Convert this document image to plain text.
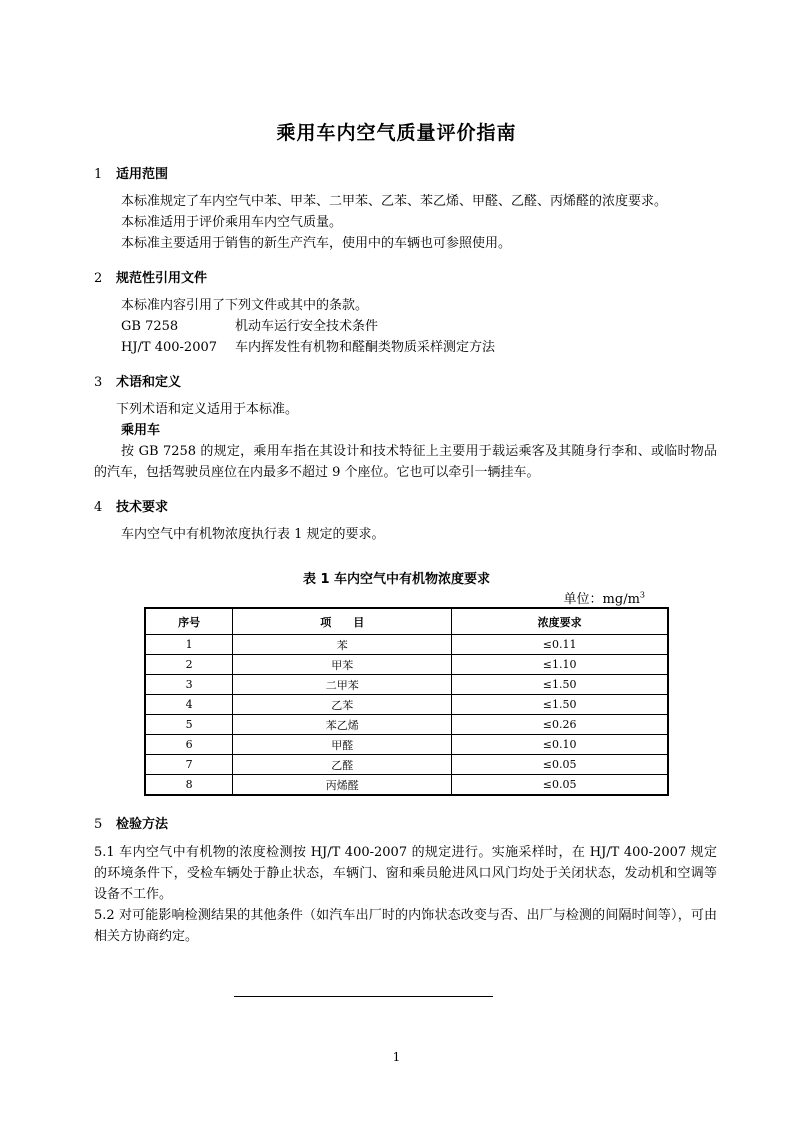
乘用车内空气质量评价指南
1 适用范围
本标准规定了车内空气中苯、甲苯、二甲苯、乙苯、苯乙烯、甲醛、乙醛、丙烯醛的浓度要求。
本标准适用于评价乘用车内空气质量。
本标准主要适用于销售的新生产汽车，使用中的车辆也可参照使用。
2 规范性引用文件
本标准内容引用了下列文件或其中的条款。
GB 7258	机动车运行安全技术条件
HJ/T 400-2007 车内挥发性有机物和醛酮类物质采样测定方法
3 术语和定义
下列术语和定义适用于本标准。
乘用车
按 GB 7258 的规定，乘用车指在其设计和技术特征上主要用于载运乘客及其随身行李和、或临时物品的汽车，包括驾驶员座位在内最多不超过 9 个座位。它也可以牵引一辆挂车。
4 技术要求
车内空气中有机物浓度执行表 1 规定的要求。
表 1 车内空气中有机物浓度要求
单位：$mg/m^3$
序号	项　　目	浓度要求
1	苯	≤0.11
2	甲苯	≤1.10
3	二甲苯	≤1.50
4	乙苯	≤1.50
5	苯乙烯	≤0.26
6	甲醛	≤0.10
7	乙醛	≤0.05
8	丙烯醛	≤0.05
5 检验方法
5.1 车内空气中有机物的浓度检测按 HJ/T 400-2007 的规定进行。实施采样时，在 HJ/T 400-2007 规定的环境条件下，受检车辆处于静止状态，车辆门、窗和乘员舱进风口风门均处于关闭状态，发动机和空调等设备不工作。
5.2 对可能影响检测结果的其他条件（如汽车出厂时的内饰状态改变与否、出厂与检测的间隔时间等），可由相关方协商约定。
1
